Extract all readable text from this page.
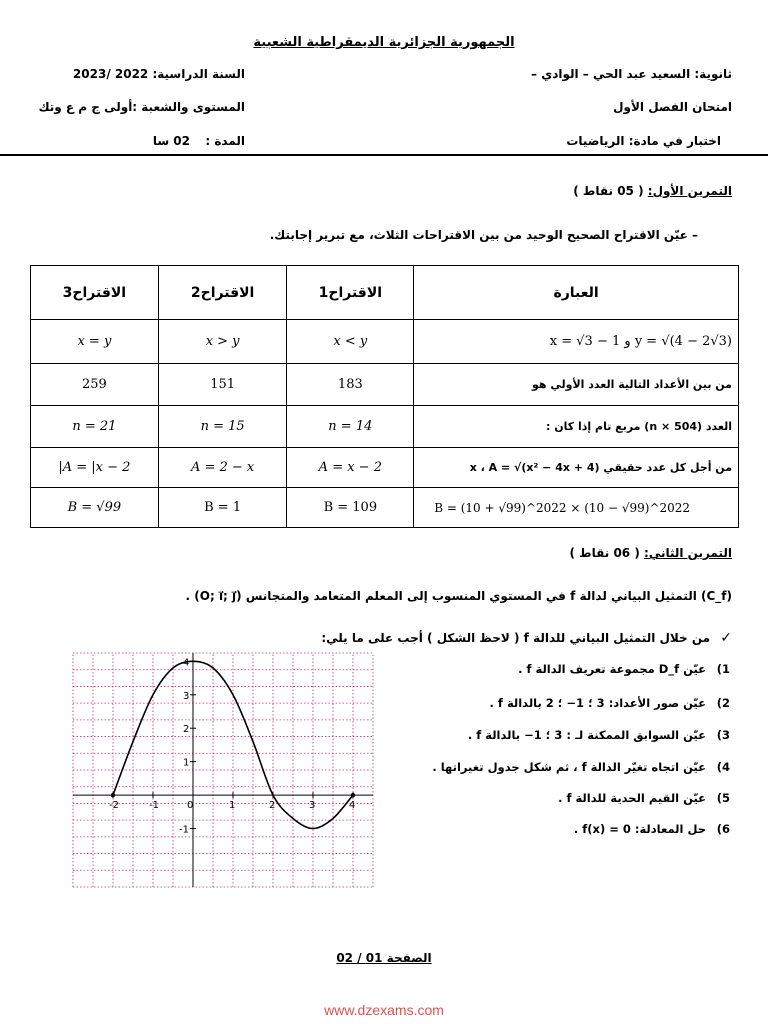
الجمهورية الجزائرية الديمقراطية الشعبية
ثانوية: السعيد عبد الحي – الوادي –
السنة الدراسية: 2022 /2023
امتحان الفصل الأول
المستوى والشعبة :أولى ج م ع وتك
اختبار في مادة: الرياضيات
المدة :
02 سا
التمرين الأول: ( 05 نقاط )
– عيّن الاقتراح الصحيح الوحيد من بين الاقتراحات الثلاث، مع تبرير إجابتك.
العبارة	الاقتراح1	الاقتراح2	الاقتراح3
y = √(4 − 2√3) و x = √3 − 1	x < y	x > y	x = y
من بين الأعداد التالية العدد الأولي هو	183	151	259
العدد (504 × n) مربع تام إذا كان :	n = 14	n = 15	n = 21
من أجل كل عدد حقيقي x ، A = √(x² − 4x + 4)	A = x − 2	A = 2 − x	A = |x − 2|
B = (10 + √99)^2022 × (10 − √99)^2022	B = 109	B = 1	B = √99
التمرين الثاني: ( 06 نقاط )
(C_f) التمثيل البياني لدالة f في المستوي المنسوب إلى المعلم المتعامد والمتجانس (O; i⃗; j⃗) .
✓ من خلال التمثيل البياني للدالة f ( لاحظ الشكل ) أجب على ما يلي:
1)عيّن D_f مجموعة تعريف الدالة f .
2)عيّن صور الأعداد: 3 ؛ 1− ؛ 2 بالدالة f .
3)عيّن السوابق الممكنة لـ : 3 ؛ 1− بالدالة f .
4)عيّن اتجاه تغيّر الدالة f ، ثم شكل جدول تغيراتها .
5)عيّن القيم الحدية للدالة f .
6)حل المعادلة: f(x) = 0 .
-2	-1	0	1	2	3	4
4
3
2
1
-1
الصفحة 01 / 02
www.dzexams.com
